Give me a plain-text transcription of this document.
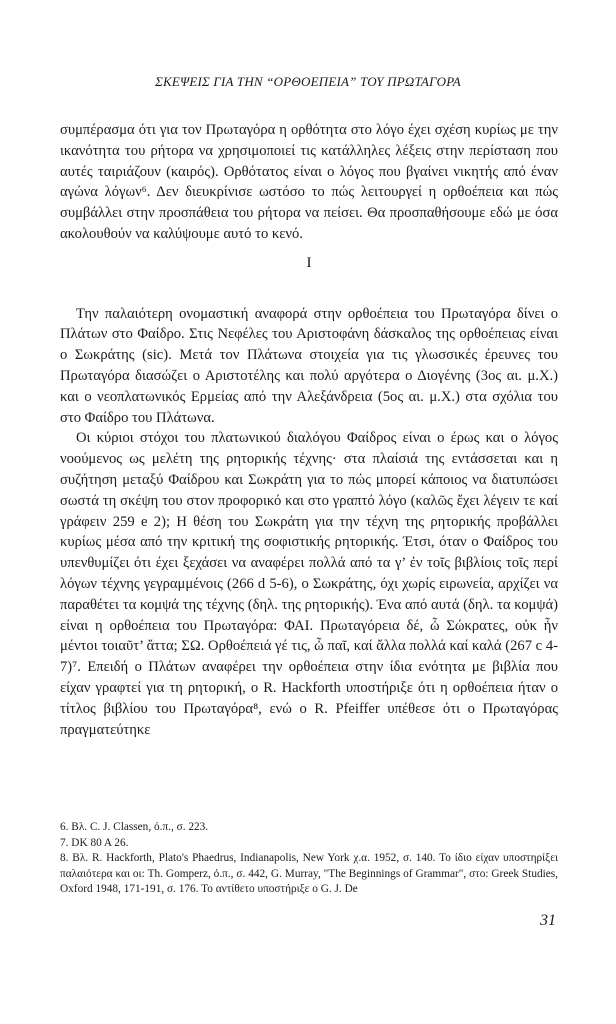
ΣΚΕΨΕΙΣ ΓΙΑ ΤΗΝ “ΟΡΘΟΕΠΕΙΑ” ΤΟΥ ΠΡΩΤΑΓΟΡΑ

συμπέρασμα ότι για τον Πρωταγόρα η ορθότητα στο λόγο έχει σχέση κυρίως με την ικανότητα του ρήτορα να χρησιμοποιεί τις κατάλληλες λέξεις στην περίσταση που αυτές ταιριάζουν (καιρός). Ορθότατος είναι ο λόγος που βγαίνει νικητής από έναν αγώνα λόγων⁶. Δεν διευκρίνισε ωστόσο το πώς λειτουργεί η ορθοέπεια και πώς συμβάλλει στην προσπάθεια του ρήτορα να πείσει. Θα προσπαθήσουμε εδώ με όσα ακολουθούν να καλύψουμε αυτό το κενό.

I

Την παλαιότερη ονομαστική αναφορά στην ορθοέπεια του Πρωταγόρα δίνει ο Πλάτων στο Φαίδρο. Στις Νεφέλες του Αριστοφάνη δάσκαλος της ορθοέπειας είναι ο Σωκράτης (sic). Μετά τον Πλάτωνα στοιχεία για τις γλωσσικές έρευνες του Πρωταγόρα διασώζει ο Αριστοτέλης και πολύ αργότερα ο Διογένης (3ος αι. μ.Χ.) και ο νεοπλατωνικός Ερμείας από την Αλεξάνδρεια (5ος αι. μ.Χ.) στα σχόλια του στο Φαίδρο του Πλάτωνα.

Οι κύριοι στόχοι του πλατωνικού διαλόγου Φαίδρος είναι ο έρως και ο λόγος νοούμενος ως μελέτη της ρητορικής τέχνης· στα πλαίσιά της εντάσσεται και η συζήτηση μεταξύ Φαίδρου και Σωκράτη για το πώς μπορεί κάποιος να διατυπώσει σωστά τη σκέψη του στον προφορικό και στο γραπτό λόγο (καλῶς ἔχει λέγειν τε καί γράφειν 259 e 2); Η θέση του Σωκράτη για την τέχνη της ρητορικής προβάλλει κυρίως μέσα από την κριτική της σοφιστικής ρητορικής. Έτσι, όταν ο Φαίδρος του υπενθυμίζει ότι έχει ξεχάσει να αναφέρει πολλά από τα γ’ ἐν τοῖς βιβλίοις τοῖς περί λόγων τέχνης γεγραμμένοις (266 d 5-6), ο Σωκράτης, όχι χωρίς ειρωνεία, αρχίζει να παραθέτει τα κομψά της τέχνης (δηλ. της ρητορικής). Ένα από αυτά (δηλ. τα κομψά) είναι η ορθοέπεια του Πρωταγόρα: ΦΑΙ. Πρωταγόρεια δέ, ὦ Σώκρατες, οὐκ ἦν μέντοι τοιαῦτ’ ἄττα; ΣΩ. Ορθοέπειά γέ τις, ὦ παῖ, καί ἄλλα πολλά καί καλά (267 c 4-7)⁷. Επειδή ο Πλάτων αναφέρει την ορθοέπεια στην ίδια ενότητα με βιβλία που είχαν γραφτεί για τη ρητορική, ο R. Hackforth υποστήριξε ότι η ορθοέπεια ήταν ο τίτλος βιβλίου του Πρωταγόρα⁸, ενώ ο R. Pfeiffer υπέθεσε ότι ο Πρωταγόρας πραγματεύτηκε

6. Βλ. C. J. Classen, ό.π., σ. 223.

7. DK 80 A 26.

8. Βλ. R. Hackforth, Plato's Phaedrus, Indianapolis, New York χ.α. 1952, σ. 140. Το ίδιο είχαν υποστηρίξει παλαιότερα και οι: Th. Gomperz, ό.π., σ. 442, G. Murray, "The Beginnings of Grammar", στο: Greek Studies, Oxford 1948, 171-191, σ. 176. Το αντίθετο υποστήριξε ο G. J. De

31
